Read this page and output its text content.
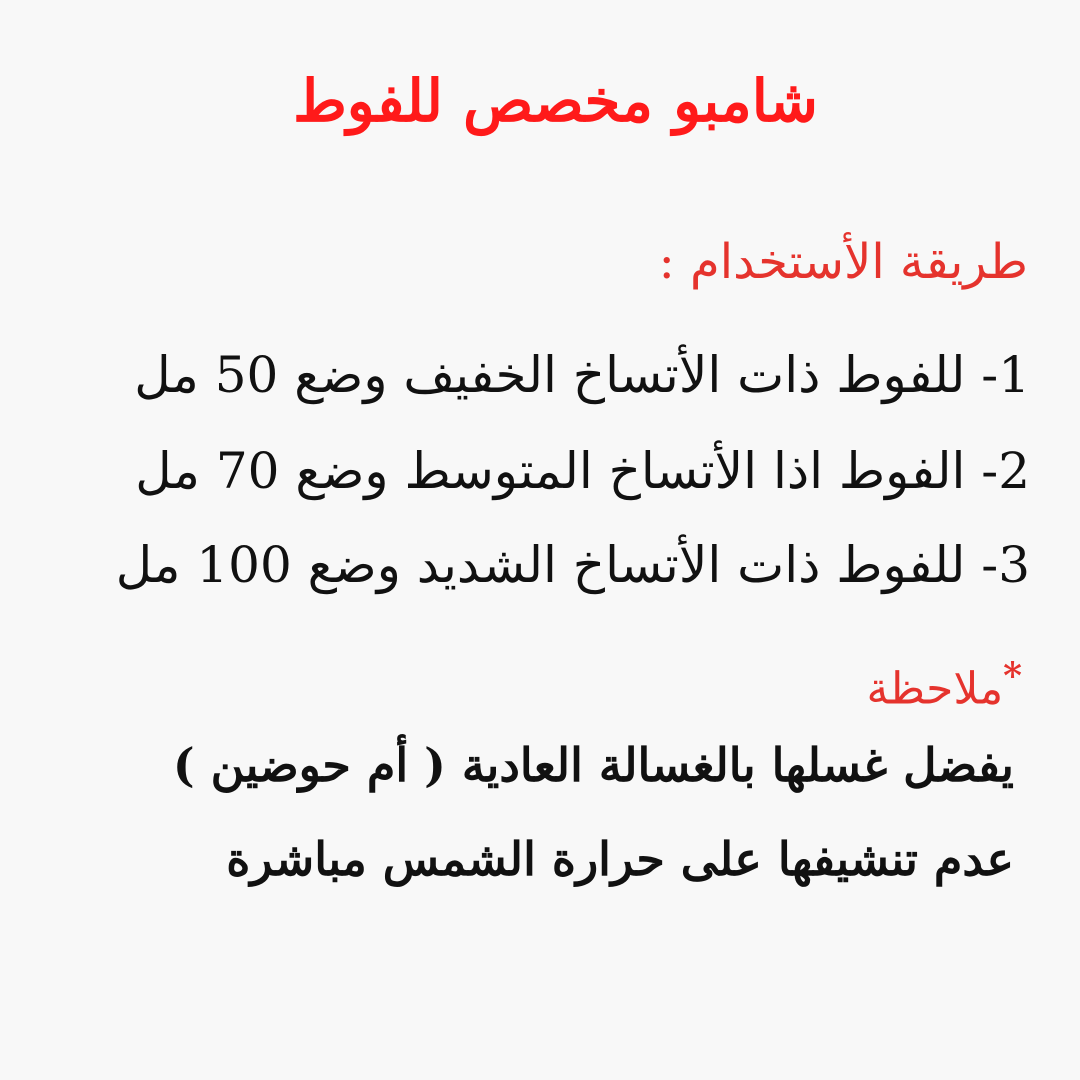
شامبو مخصص للفوط
طريقة الأستخدام :
1- للفوط ذات الأتساخ الخفيف وضع 50 مل
2- الفوط اذا الأتساخ المتوسط وضع 70 مل
3- للفوط ذات الأتساخ الشديد وضع 100 مل
*ملاحظة
يفضل غسلها بالغسالة العادية ( أم حوضين )
عدم تنشيفها على حرارة الشمس مباشرة
